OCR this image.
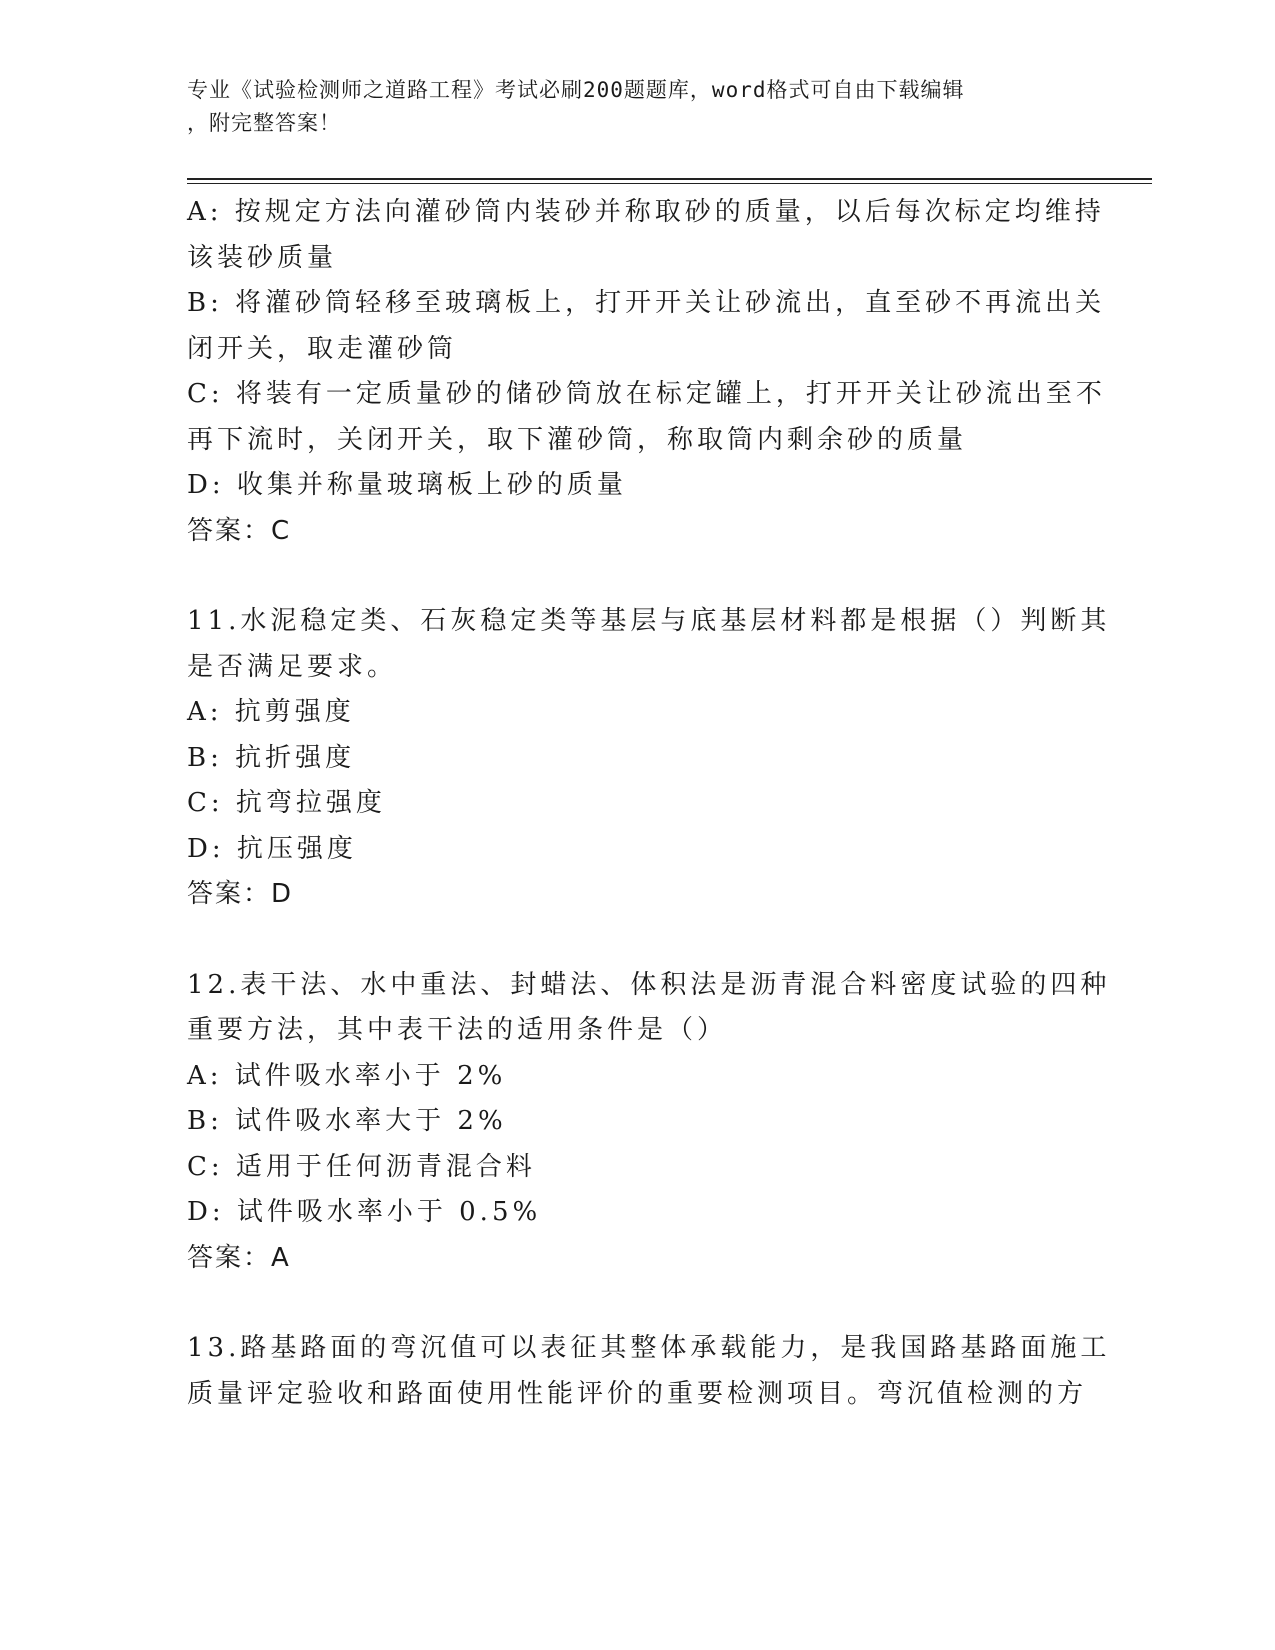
专业《试验检测师之道路工程》考试必刷200题题库，word格式可自由下载编辑
，附完整答案！
A: 按规定方法向灌砂筒内装砂并称取砂的质量，以后每次标定均维持
该装砂质量
B: 将灌砂筒轻移至玻璃板上，打开开关让砂流出，直至砂不再流出关
闭开关，取走灌砂筒
C: 将装有一定质量砂的储砂筒放在标定罐上，打开开关让砂流出至不
再下流时，关闭开关，取下灌砂筒，称取筒内剩余砂的质量
D: 收集并称量玻璃板上砂的质量
答案：C
11.水泥稳定类、石灰稳定类等基层与底基层材料都是根据（）判断其
是否满足要求。
A: 抗剪强度
B: 抗折强度
C: 抗弯拉强度
D: 抗压强度
答案：D
12.表干法、水中重法、封蜡法、体积法是沥青混合料密度试验的四种
重要方法，其中表干法的适用条件是（）
A: 试件吸水率小于 2%
B: 试件吸水率大于 2%
C: 适用于任何沥青混合料
D: 试件吸水率小于 0.5%
答案：A
13.路基路面的弯沉值可以表征其整体承载能力，是我国路基路面施工
质量评定验收和路面使用性能评价的重要检测项目。弯沉值检测的方
